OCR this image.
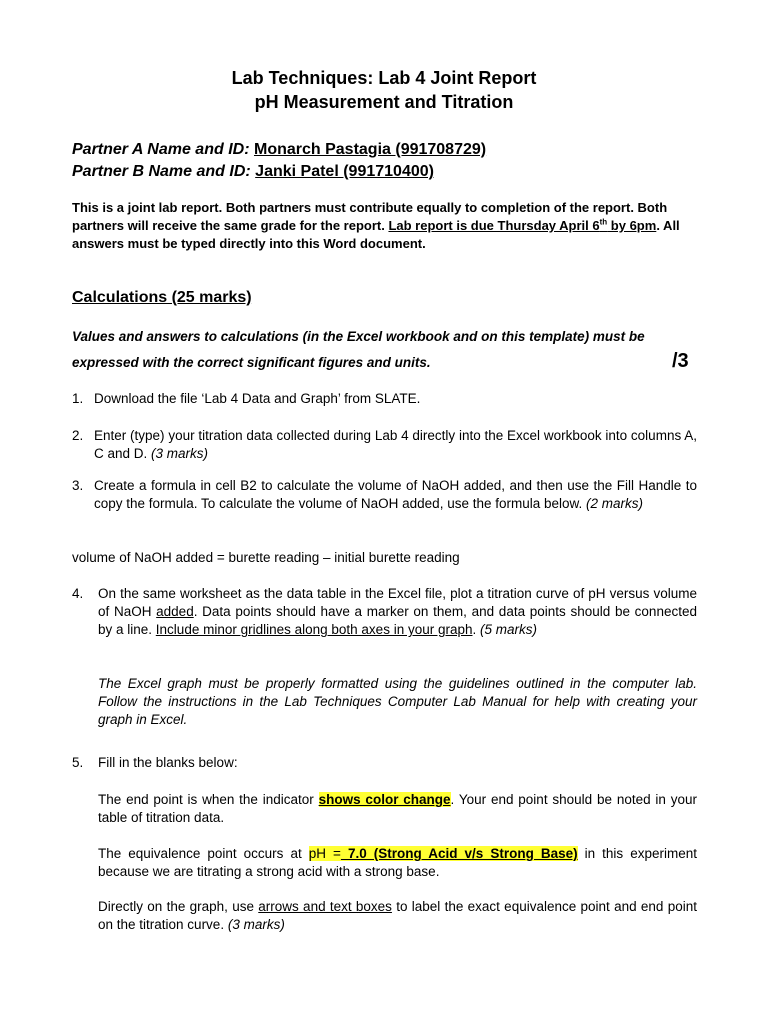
Lab Techniques: Lab 4 Joint Report
pH Measurement and Titration
Partner A Name and ID: Monarch Pastagia (991708729)
Partner B Name and ID: Janki Patel (991710400)
This is a joint lab report. Both partners must contribute equally to completion of the report. Both partners will receive the same grade for the report. Lab report is due Thursday April 6th by 6pm. All answers must be typed directly into this Word document.
Calculations (25 marks)
Values and answers to calculations (in the Excel workbook and on this template) must be expressed with the correct significant figures and units.	/3
1. Download the file ‘Lab 4 Data and Graph’ from SLATE.
2. Enter (type) your titration data collected during Lab 4 directly into the Excel workbook into columns A, C and D. (3 marks)
3. Create a formula in cell B2 to calculate the volume of NaOH added, and then use the Fill Handle to copy the formula. To calculate the volume of NaOH added, use the formula below. (2 marks)
volume of NaOH added = burette reading – initial burette reading
4. On the same worksheet as the data table in the Excel file, plot a titration curve of pH versus volume of NaOH added. Data points should have a marker on them, and data points should be connected by a line. Include minor gridlines along both axes in your graph. (5 marks)
The Excel graph must be properly formatted using the guidelines outlined in the computer lab. Follow the instructions in the Lab Techniques Computer Lab Manual for help with creating your graph in Excel.
5. Fill in the blanks below:
The end point is when the indicator shows color change. Your end point should be noted in your table of titration data.
The equivalence point occurs at pH = 7.0 (Strong Acid v/s Strong Base) in this experiment because we are titrating a strong acid with a strong base.
Directly on the graph, use arrows and text boxes to label the exact equivalence point and end point on the titration curve. (3 marks)
